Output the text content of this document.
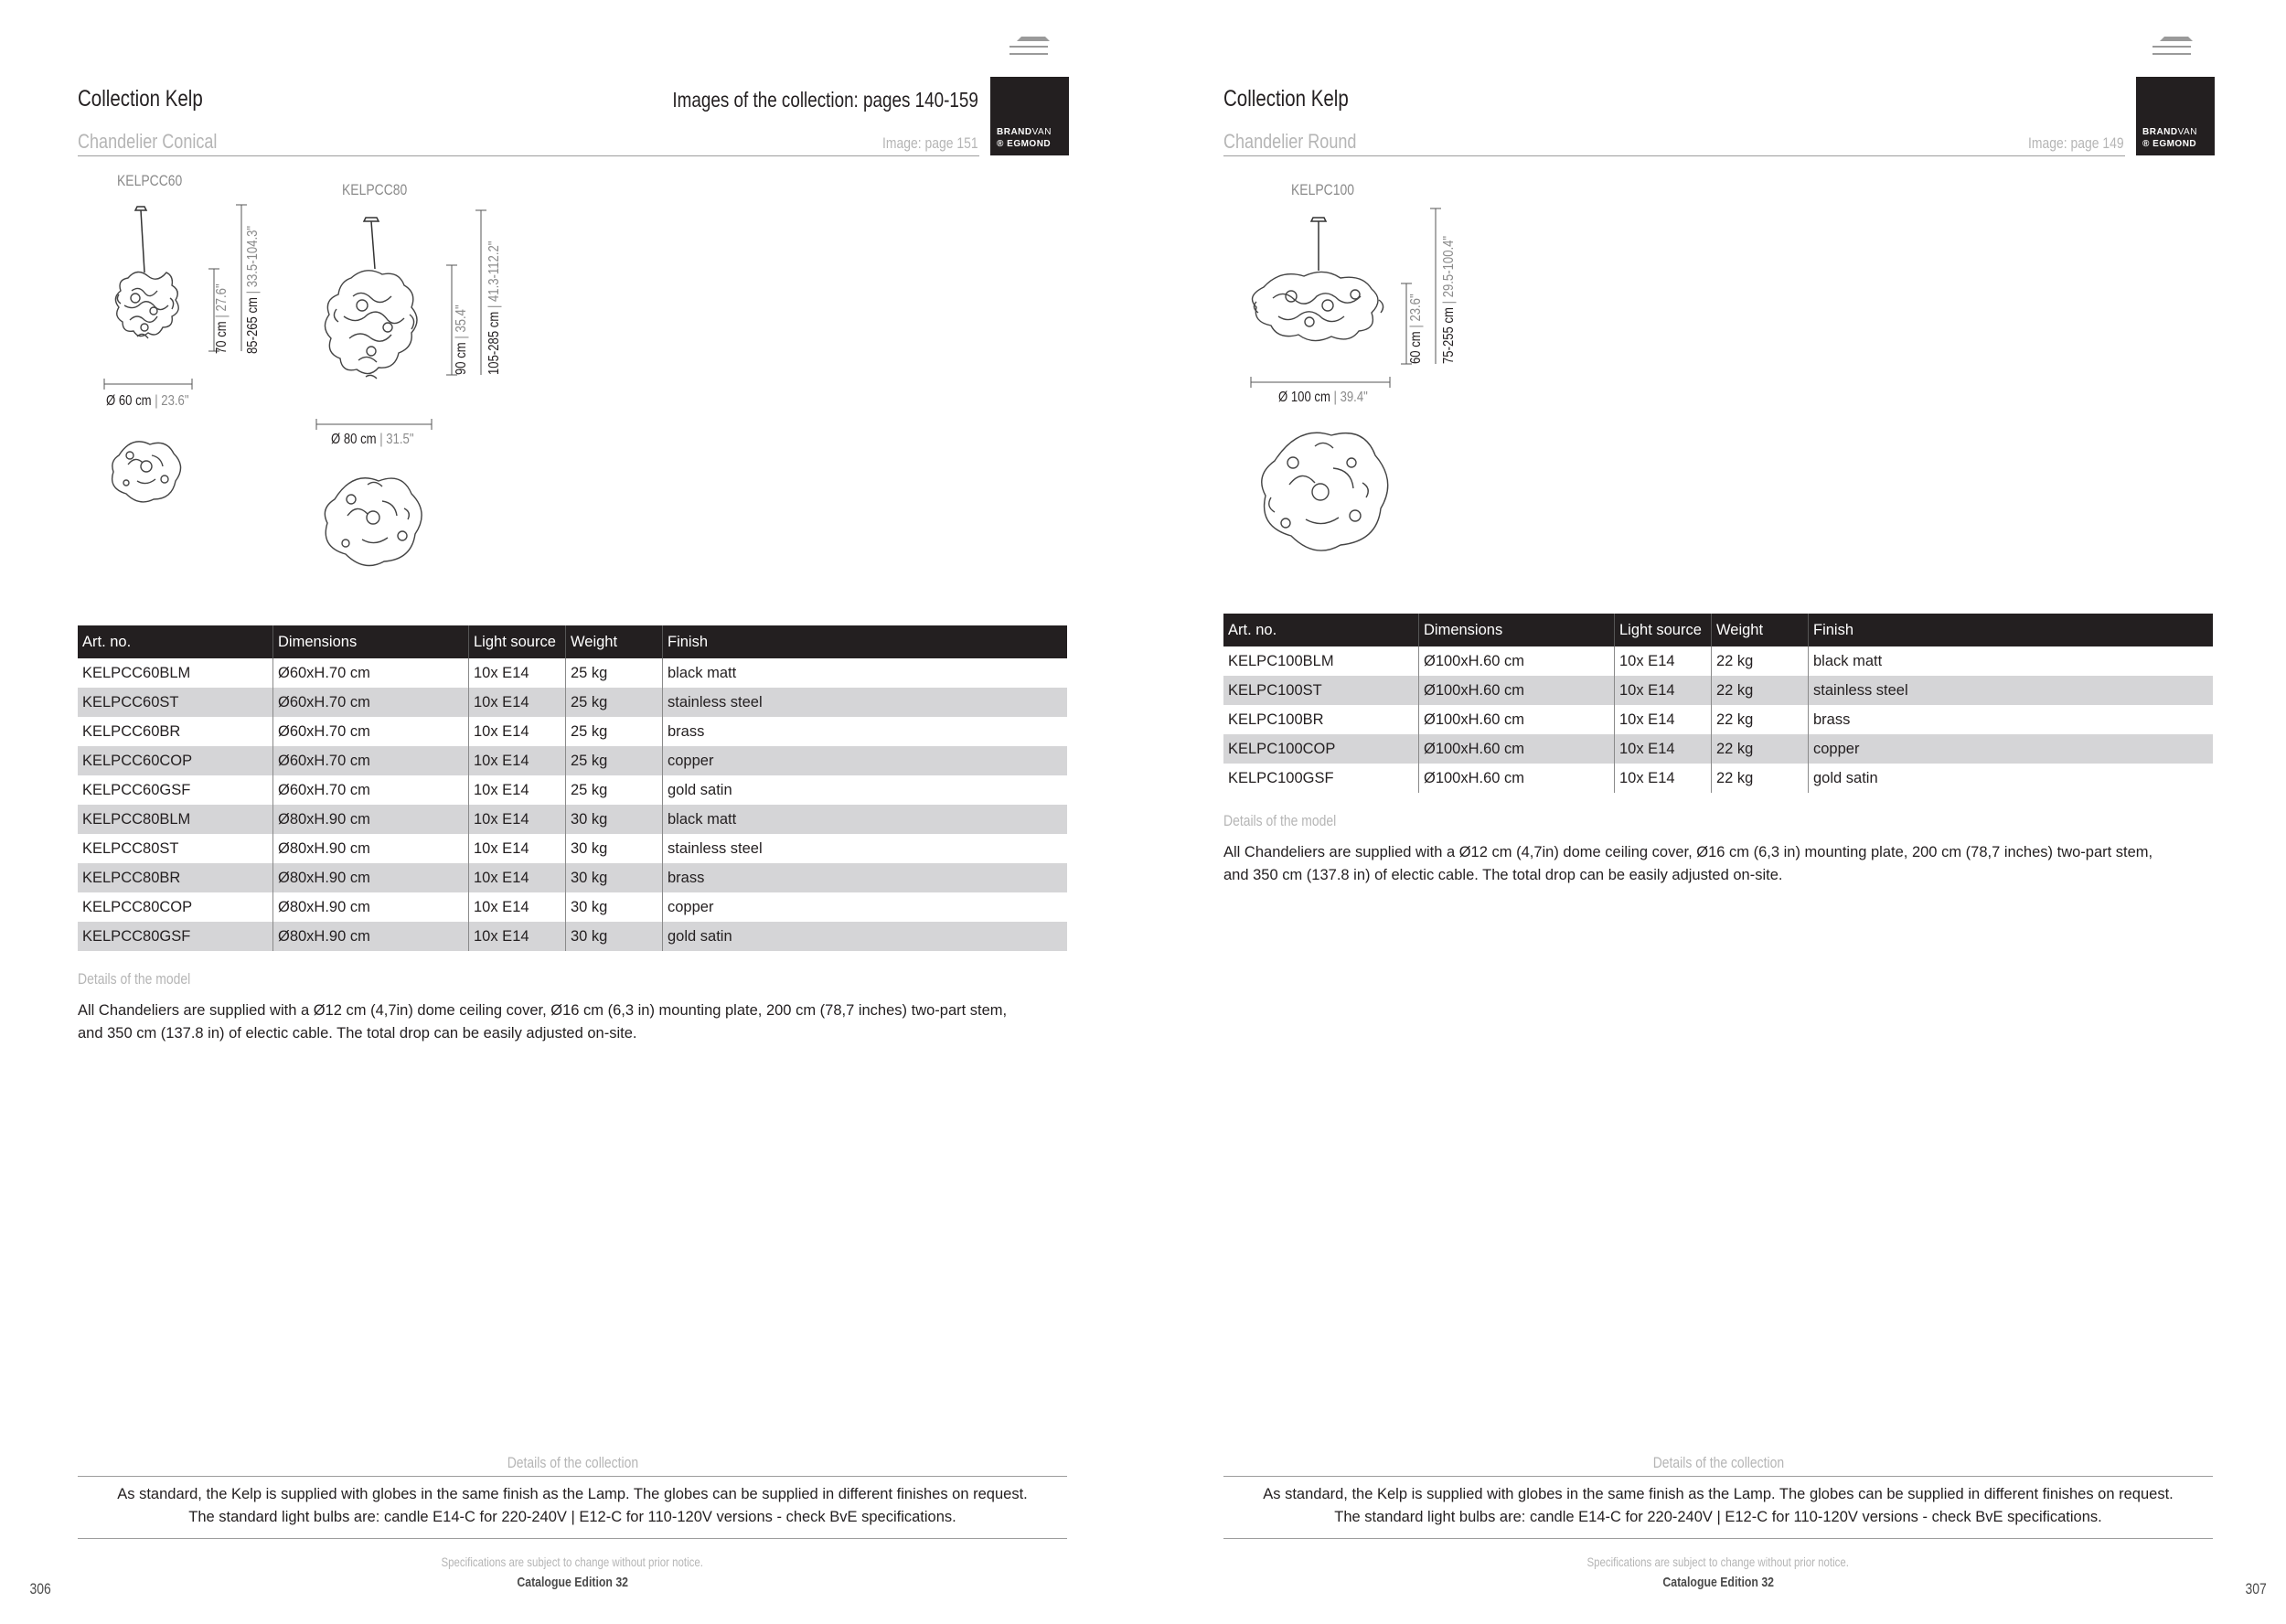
Collection Kelp	Images of the collection: pages 140-159
Chandelier Conical	Image: page 151
BRANDVAN
® EGMOND
KELPCC60
70 cm | 27.6" 85-265 cm | 33.5-104.3"
Ø 60 cm | 23.6"
KELPCC80
90 cm | 35.4" 105-285 cm | 41.3-112.2"
Ø 80 cm | 31.5"
Art. no.	Dimensions	Light source	Weight	Finish
KELPCC60BLM	Ø60xH.70 cm	10x E14	25 kg	black matt
KELPCC60ST	Ø60xH.70 cm	10x E14	25 kg	stainless steel
KELPCC60BR	Ø60xH.70 cm	10x E14	25 kg	brass
KELPCC60COP	Ø60xH.70 cm	10x E14	25 kg	copper
KELPCC60GSF	Ø60xH.70 cm	10x E14	25 kg	gold satin
KELPCC80BLM	Ø80xH.90 cm	10x E14	30 kg	black matt
KELPCC80ST	Ø80xH.90 cm	10x E14	30 kg	stainless steel
KELPCC80BR	Ø80xH.90 cm	10x E14	30 kg	brass
KELPCC80COP	Ø80xH.90 cm	10x E14	30 kg	copper
KELPCC80GSF	Ø80xH.90 cm	10x E14	30 kg	gold satin
Details of the model
All Chandeliers are supplied with a Ø12 cm (4,7in) dome ceiling cover, Ø16 cm (6,3 in) mounting plate, 200 cm (78,7 inches) two-part stem,
and 350 cm (137.8 in) of electic cable. The total drop can be easily adjusted on-site.
Details of the collection
As standard, the Kelp is supplied with globes in the same finish as the Lamp. The globes can be supplied in different finishes on request.
The standard light bulbs are: candle E14-C for 220-240V | E12-C for 110-120V versions - check BvE specifications.
Specifications are subject to change without prior notice.
Catalogue Edition 32
306
Collection Kelp
Chandelier Round	Image: page 149
BRANDVAN
® EGMOND
KELPC100
60 cm | 23.6" 75-255 cm | 29.5-100.4"
Ø 100 cm | 39.4"
Art. no.	Dimensions	Light source	Weight	Finish
KELPC100BLM	Ø100xH.60 cm	10x E14	22 kg	black matt
KELPC100ST	Ø100xH.60 cm	10x E14	22 kg	stainless steel
KELPC100BR	Ø100xH.60 cm	10x E14	22 kg	brass
KELPC100COP	Ø100xH.60 cm	10x E14	22 kg	copper
KELPC100GSF	Ø100xH.60 cm	10x E14	22 kg	gold satin
Details of the model
All Chandeliers are supplied with a Ø12 cm (4,7in) dome ceiling cover, Ø16 cm (6,3 in) mounting plate, 200 cm (78,7 inches) two-part stem,
and 350 cm (137.8 in) of electic cable. The total drop can be easily adjusted on-site.
Details of the collection
As standard, the Kelp is supplied with globes in the same finish as the Lamp. The globes can be supplied in different finishes on request.
The standard light bulbs are: candle E14-C for 220-240V | E12-C for 110-120V versions - check BvE specifications.
Specifications are subject to change without prior notice.
Catalogue Edition 32	307
